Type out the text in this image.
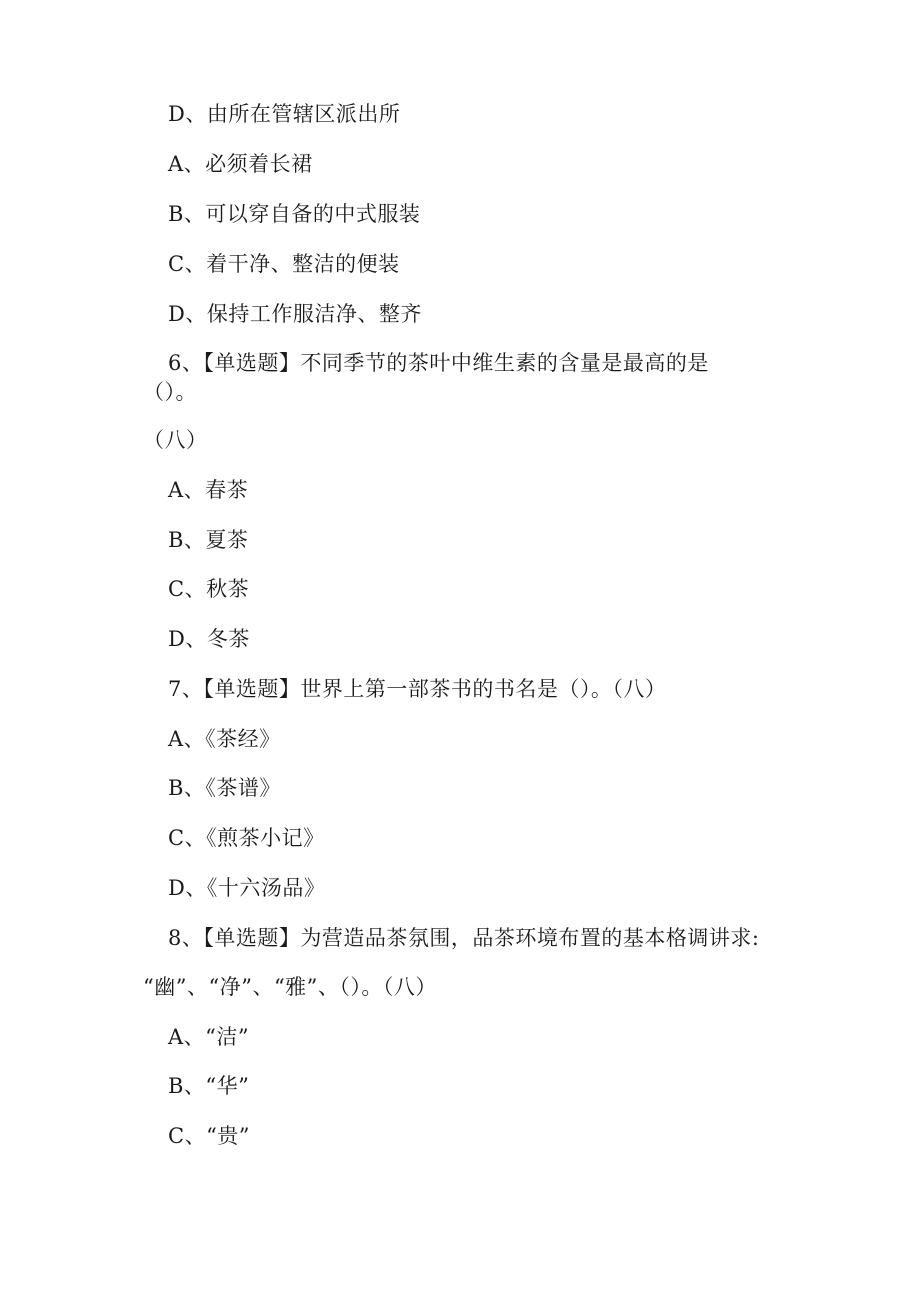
D、由所在管辖区派出所
A、必须着长裙
B、可以穿自备的中式服装
C、着干净、整洁的便装
D、保持工作服洁净、整齐
6、【单选题】不同季节的茶叶中维生素的含量是最高的是
（）。
（八）
A、春茶
B、夏茶
C、秋茶
D、冬茶
7、【单选题】世界上第一部茶书的书名是（）。（八）
A、《茶经》
B、《茶谱》
C、《煎茶小记》
D、《十六汤品》
8、【单选题】为营造品茶氛围，品茶环境布置的基本格调讲求:
“幽”、“净”、“雅”、（）。（八）
A、“洁”
B、“华”
C、“贵”
